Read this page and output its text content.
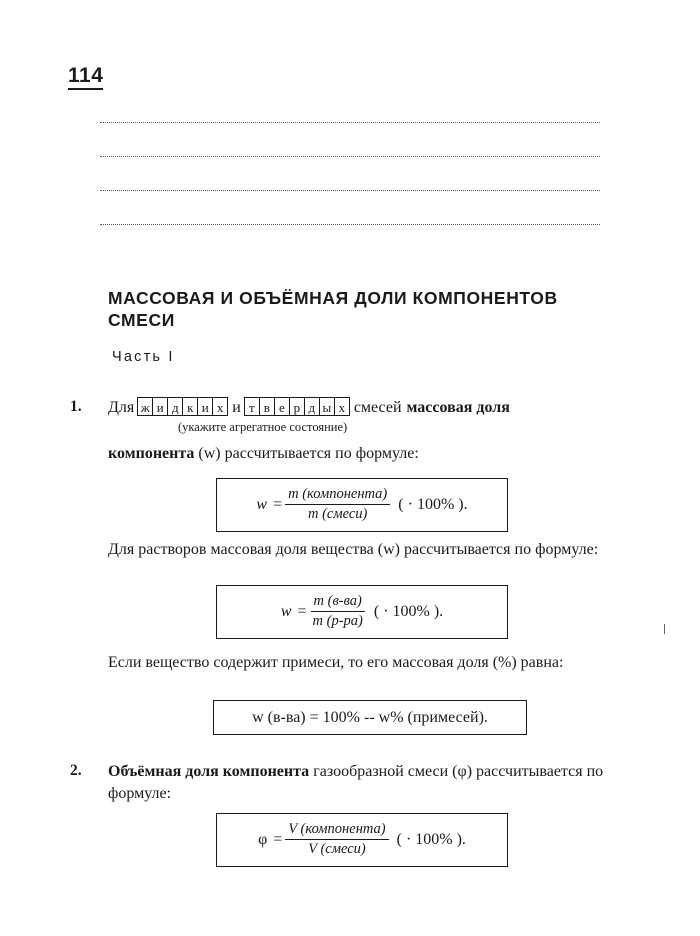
114
МАССОВАЯ И ОБЪЁМНАЯ ДОЛИ КОМПОНЕНТОВ СМЕСИ
Часть I
1. Для ж и д к и х и т в е р д ы х смесей массовая доля
(укажите агрегатное состояние)
компонента (w) рассчитывается по формуле:
$w = \frac{\text{m (компонента)}}{\text{m (смеси)}}$ ( · 100% ).
Для растворов массовая доля вещества (w) рассчитывается по формуле:
$w = \frac{m (в-ва)}{m (р-ра)}$ ( · 100% ).
Если вещество содержит примеси, то его массовая доля (%) равна:
w (в-ва) = 100% -- w% (примесей).
2. Объёмная доля компонента газообразной смеси (φ) рассчитывается по формуле:
$\varphi = \frac{\text{V (компонента)}}{\text{V (смеси)}}$ ( · 100% ).
